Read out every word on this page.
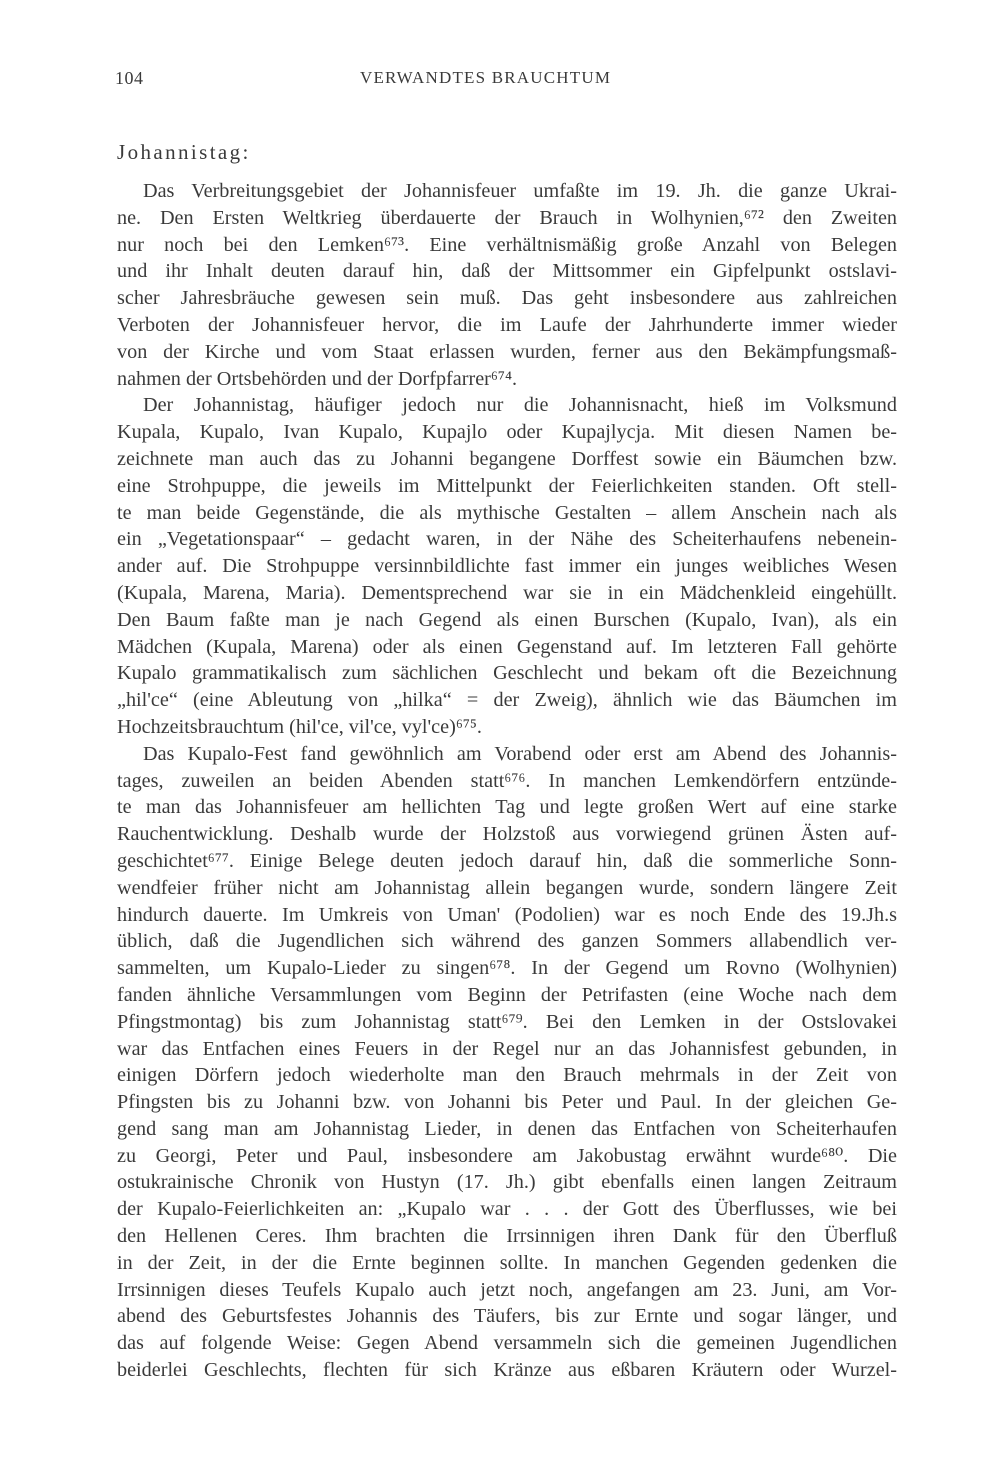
104	VERWANDTES BRAUCHTUM
Johannistag:
Das Verbreitungsgebiet der Johannisfeuer umfaßte im 19. Jh. die ganze Ukrai-
ne. Den Ersten Weltkrieg überdauerte der Brauch in Wolhynien,⁶⁷² den Zweiten
nur noch bei den Lemken⁶⁷³. Eine verhältnismäßig große Anzahl von Belegen
und ihr Inhalt deuten darauf hin, daß der Mittsommer ein Gipfelpunkt ostslavi-
scher Jahresbräuche gewesen sein muß. Das geht insbesondere aus zahlreichen
Verboten der Johannisfeuer hervor, die im Laufe der Jahrhunderte immer wieder
von der Kirche und vom Staat erlassen wurden, ferner aus den Bekämpfungsmaß-
nahmen der Ortsbehörden und der Dorfpfarrer⁶⁷⁴.
Der Johannistag, häufiger jedoch nur die Johannisnacht, hieß im Volksmund
Kupala, Kupalo, Ivan Kupalo, Kupajlo oder Kupajlycja. Mit diesen Namen be-
zeichnete man auch das zu Johanni begangene Dorffest sowie ein Bäumchen bzw.
eine Strohpuppe, die jeweils im Mittelpunkt der Feierlichkeiten standen. Oft stell-
te man beide Gegenstände, die als mythische Gestalten – allem Anschein nach als
ein „Vegetationspaar“ – gedacht waren, in der Nähe des Scheiterhaufens nebenein-
ander auf. Die Strohpuppe versinnbildlichte fast immer ein junges weibliches Wesen
(Kupala, Marena, Maria). Dementsprechend war sie in ein Mädchenkleid eingehüllt.
Den Baum faßte man je nach Gegend als einen Burschen (Kupalo, Ivan), als ein
Mädchen (Kupala, Marena) oder als einen Gegenstand auf. Im letzteren Fall gehörte
Kupalo grammatikalisch zum sächlichen Geschlecht und bekam oft die Bezeichnung
„hil'ce“ (eine Ableutung von „hilka“ = der Zweig), ähnlich wie das Bäumchen im
Hochzeitsbrauchtum (hil'ce, vil'ce, vyl'ce)⁶⁷⁵.
Das Kupalo-Fest fand gewöhnlich am Vorabend oder erst am Abend des Johannis-
tages, zuweilen an beiden Abenden statt⁶⁷⁶. In manchen Lemkendörfern entzünde-
te man das Johannisfeuer am hellichten Tag und legte großen Wert auf eine starke
Rauchentwicklung. Deshalb wurde der Holzstoß aus vorwiegend grünen Ästen auf-
geschichtet⁶⁷⁷. Einige Belege deuten jedoch darauf hin, daß die sommerliche Sonn-
wendfeier früher nicht am Johannistag allein begangen wurde, sondern längere Zeit
hindurch dauerte. Im Umkreis von Uman' (Podolien) war es noch Ende des 19.Jh.s
üblich, daß die Jugendlichen sich während des ganzen Sommers allabendlich ver-
sammelten, um Kupalo-Lieder zu singen⁶⁷⁸. In der Gegend um Rovno (Wolhynien)
fanden ähnliche Versammlungen vom Beginn der Petrifasten (eine Woche nach dem
Pfingstmontag) bis zum Johannistag statt⁶⁷⁹. Bei den Lemken in der Ostslovakei
war das Entfachen eines Feuers in der Regel nur an das Johannisfest gebunden, in
einigen Dörfern jedoch wiederholte man den Brauch mehrmals in der Zeit von
Pfingsten bis zu Johanni bzw. von Johanni bis Peter und Paul. In der gleichen Ge-
gend sang man am Johannistag Lieder, in denen das Entfachen von Scheiterhaufen
zu Georgi, Peter und Paul, insbesondere am Jakobustag erwähnt wurde⁶⁸⁰. Die
ostukrainische Chronik von Hustyn (17. Jh.) gibt ebenfalls einen langen Zeitraum
der Kupalo-Feierlichkeiten an: „Kupalo war . . . der Gott des Überflusses, wie bei
den Hellenen Ceres. Ihm brachten die Irrsinnigen ihren Dank für den Überfluß
in der Zeit, in der die Ernte beginnen sollte. In manchen Gegenden gedenken die
Irrsinnigen dieses Teufels Kupalo auch jetzt noch, angefangen am 23. Juni, am Vor-
abend des Geburtsfestes Johannis des Täufers, bis zur Ernte und sogar länger, und
das auf folgende Weise: Gegen Abend versammeln sich die gemeinen Jugendlichen
beiderlei Geschlechts, flechten für sich Kränze aus eßbaren Kräutern oder Wurzel-
